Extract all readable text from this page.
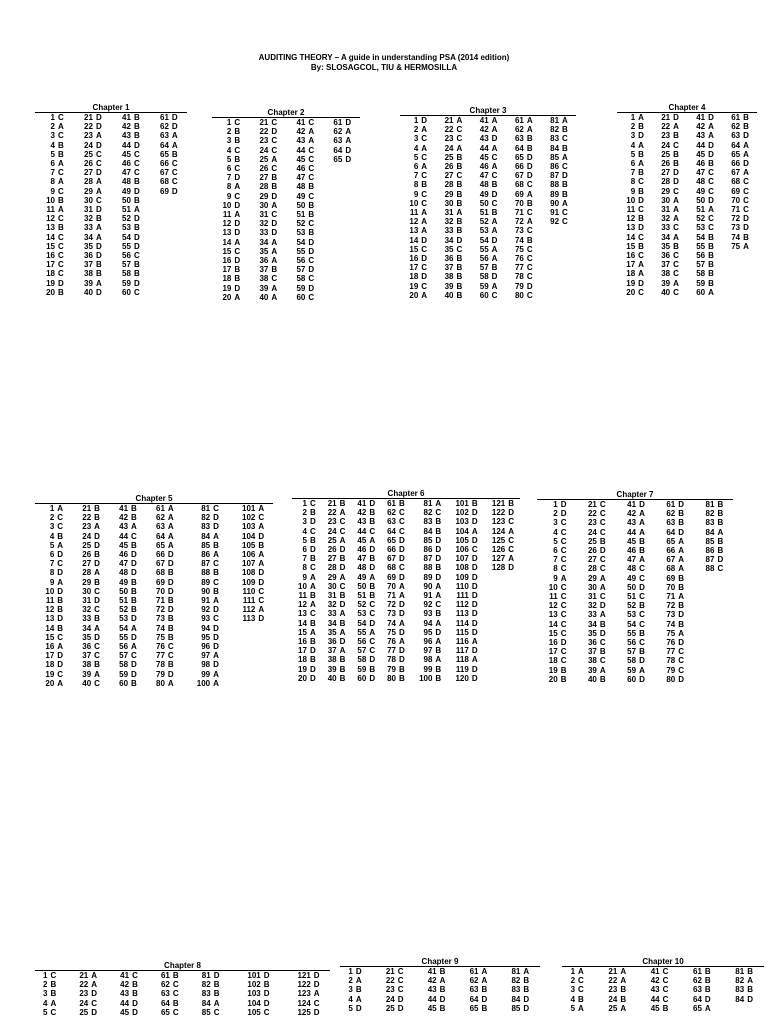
AUDITING THEORY – A guide in understanding PSA (2014 edition)
By: SLOSAGCOL, TIU & HERMOSILLA
Chapter 1
1	C	21	D	41	B	61	D
2	A	22	D	42	B	62	D
3	C	23	A	43	B	63	A
4	B	24	D	44	D	64	A
5	B	25	C	45	C	65	B
6	A	26	C	46	C	66	C
7	C	27	D	47	C	67	C
8	A	28	A	48	B	68	C
9	C	29	A	49	D	69	D
10	B	30	C	50	B		
11	A	31	D	51	A		
12	C	32	B	52	D		
13	B	33	A	53	B		
14	C	34	A	54	D		
15	C	35	D	55	D		
16	C	36	D	56	C		
17	C	37	B	57	B		
18	C	38	B	58	B		
19	D	39	A	59	D		
20	B	40	D	60	C		
Chapter 2
1	C	21	C	41	C	61	D
2	B	22	D	42	A	62	A
3	B	23	C	43	A	63	A
4	C	24	C	44	C	64	D
5	B	25	A	45	C	65	D
6	C	26	C	46	C		
7	D	27	B	47	C		
8	A	28	B	48	B		
9	C	29	D	49	C		
10	D	30	A	50	B		
11	A	31	C	51	B		
12	D	32	D	52	C		
13	D	33	D	53	B		
14	A	34	A	54	D		
15	C	35	A	55	D		
16	D	36	A	56	C		
17	B	37	B	57	D		
18	B	38	C	58	C		
19	D	39	A	59	D		
20	A	40	A	60	C		
Chapter 3
1	D	21	A	41	A	61	A	81	A
2	A	22	C	42	A	62	A	82	B
3	C	23	C	43	D	63	B	83	C
4	A	24	A	44	A	64	B	84	B
5	C	25	B	45	C	65	D	85	A
6	A	26	B	46	A	66	D	86	C
7	C	27	C	47	C	67	D	87	D
8	B	28	B	48	B	68	C	88	B
9	C	29	B	49	D	69	A	89	B
10	C	30	B	50	C	70	B	90	A
11	A	31	A	51	B	71	C	91	C
12	A	32	B	52	A	72	A	92	C
13	A	33	B	53	A	73	C		
14	D	34	D	54	D	74	B		
15	C	35	C	55	A	75	C		
16	D	36	B	56	A	76	C		
17	C	37	B	57	B	77	C		
18	D	38	B	58	D	78	C		
19	C	39	B	59	A	79	D		
20	A	40	B	60	C	80	C		
Chapter 4
1	A	21	D	41	D	61	B
2	B	22	A	42	A	62	B
3	D	23	B	43	A	63	D
4	A	24	C	44	D	64	A
5	B	25	B	45	D	65	A
6	A	26	B	46	B	66	D
7	B	27	D	47	C	67	A
8	C	28	D	48	C	68	C
9	B	29	C	49	C	69	C
10	D	30	A	50	D	70	C
11	C	31	A	51	A	71	C
12	B	32	A	52	C	72	D
13	D	33	C	53	C	73	D
14	C	34	A	54	B	74	B
15	B	35	B	55	B	75	A
16	C	36	C	56	B		
17	A	37	C	57	B		
18	A	38	C	58	B		
19	D	39	A	59	B		
20	C	40	C	60	A		
Chapter 5
1	A	21	B	41	B	61	A	81	C	101	A
2	C	22	B	42	B	62	A	82	D	102	C
3	C	23	A	43	A	63	A	83	D	103	A
4	B	24	D	44	C	64	A	84	A	104	D
5	A	25	D	45	B	65	A	85	B	105	B
6	D	26	B	46	D	66	D	86	A	106	A
7	C	27	D	47	D	67	D	87	C	107	A
8	D	28	A	48	D	68	B	88	B	108	D
9	A	29	B	49	B	69	D	89	C	109	D
10	D	30	C	50	B	70	D	90	B	110	C
11	B	31	D	51	B	71	B	91	A	111	C
12	B	32	C	52	B	72	D	92	D	112	A
13	D	33	B	53	D	73	B	93	C	113	D
14	B	34	A	54	A	74	B	94	D		
15	C	35	D	55	D	75	B	95	D		
16	A	36	C	56	A	76	C	96	D		
17	D	37	C	57	C	77	C	97	A		
18	D	38	B	58	D	78	B	98	D		
19	C	39	A	59	D	79	D	99	A		
20	A	40	C	60	B	80	A	100	A		
Chapter 6
1	C	21	B	41	D	61	B	81	A	101	B	121	B
2	B	22	A	42	B	62	C	82	C	102	D	122	D
3	D	23	C	43	B	63	C	83	B	103	D	123	C
4	C	24	C	44	C	64	C	84	B	104	A	124	A
5	B	25	A	45	A	65	D	85	D	105	D	125	C
6	D	26	D	46	D	66	D	86	D	106	C	126	C
7	B	27	B	47	B	67	D	87	D	107	D	127	A
8	C	28	D	48	D	68	C	88	B	108	D	128	D
9	A	29	A	49	A	69	D	89	D	109	D		
10	A	30	C	50	B	70	A	90	A	110	D		
11	B	31	B	51	B	71	A	91	A	111	D		
12	A	32	D	52	C	72	D	92	C	112	D		
13	C	33	A	53	C	73	D	93	B	113	D		
14	B	34	B	54	D	74	A	94	A	114	D		
15	A	35	A	55	A	75	D	95	D	115	D		
16	B	36	D	56	C	76	A	96	A	116	A		
17	D	37	A	57	C	77	D	97	B	117	D		
18	B	38	B	58	D	78	D	98	A	118	A		
19	D	39	B	59	B	79	B	99	B	119	D		
20	D	40	B	60	D	80	B	100	B	120	D		
Chapter 7
1	D	21	C	41	D	61	D	81	B
2	D	22	C	42	A	62	B	82	B
3	C	23	C	43	A	63	B	83	B
4	C	24	C	44	A	64	D	84	A
5	C	25	B	45	B	65	A	85	B
6	C	26	D	46	B	66	A	86	B
7	C	27	C	47	A	67	A	87	D
8	C	28	C	48	C	68	A	88	C
9	A	29	A	49	C	69	B		
10	C	30	A	50	D	70	B		
11	C	31	C	51	C	71	A		
12	C	32	D	52	B	72	B		
13	C	33	A	53	C	73	D		
14	C	34	B	54	C	74	B		
15	C	35	D	55	B	75	A		
16	D	36	C	56	C	76	D		
17	C	37	B	57	B	77	C		
18	C	38	C	58	D	78	C		
19	B	39	A	59	A	79	C		
20	B	40	B	60	D	80	D		
Chapter 8
1	C	21	A	41	C	61	B	81	D	101	D	121	D
2	B	22	A	42	B	62	C	82	B	102	B	122	D
3	B	23	D	43	B	63	C	83	B	103	D	123	A
4	A	24	C	44	D	64	B	84	A	104	D	124	C
5	C	25	D	45	D	65	C	85	C	105	C	125	D
Chapter 9
1	D	21	C	41	B	61	A	81	A
2	A	22	C	42	A	62	A	82	B
3	B	23	C	43	B	63	B	83	B
4	A	24	D	44	D	64	D	84	D
5	D	25	D	45	B	65	B	85	D
Chapter 10
1	A	21	A	41	C	61	B	81	B
2	C	22	A	42	C	62	B	82	A
3	C	23	B	43	C	63	B	83	B
4	B	24	B	44	C	64	D	84	D
5	A	25	A	45	B	65	A		
